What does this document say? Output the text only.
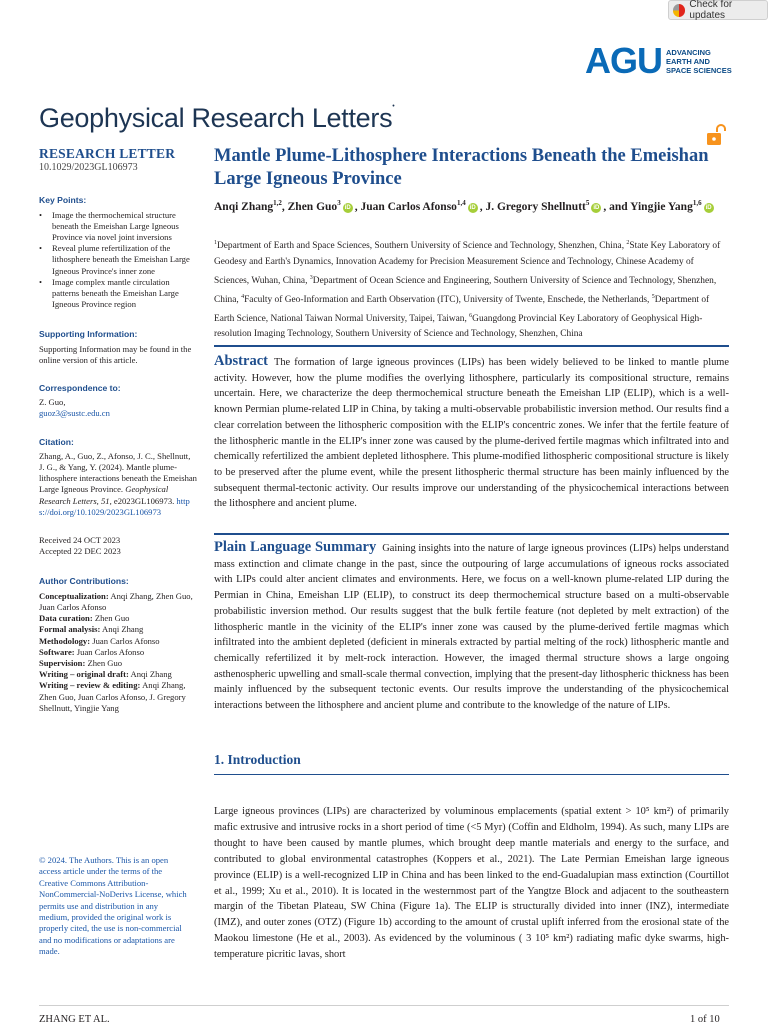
Check for updates
AGU ADVANCING
EARTH AND
SPACE SCIENCES
Geophysical Research Letters•
RESEARCH LETTER
10.1029/2023GL106973
Key Points:
• Image the thermochemical structure beneath the Emeishan Large Igneous Province via novel joint inversions
• Reveal plume refertilization of the lithosphere beneath the Emeishan Large Igneous Province's inner zone
• Image complex mantle circulation patterns beneath the Emeishan Large Igneous Province region
Supporting Information:
Supporting Information may be found in the online version of this article.
Correspondence to:
Z. Guo,
guoz3@sustc.edu.cn
Citation:
Zhang, A., Guo, Z., Afonso, J. C., Shellnutt, J. G., & Yang, Y. (2024). Mantle plume-lithosphere interactions beneath the Emeishan Large Igneous Province. Geophysical Research Letters, 51, e2023GL106973. https://doi.org/10.1029/2023GL106973
Received 24 OCT 2023
Accepted 22 DEC 2023
Author Contributions:
Conceptualization: Anqi Zhang, Zhen Guo, Juan Carlos Afonso
Data curation: Zhen Guo
Formal analysis: Anqi Zhang
Methodology: Juan Carlos Afonso
Software: Juan Carlos Afonso
Supervision: Zhen Guo
Writing – original draft: Anqi Zhang
Writing – review & editing: Anqi Zhang, Zhen Guo, Juan Carlos Afonso, J. Gregory Shellnutt, Yingjie Yang
© 2024. The Authors. This is an open access article under the terms of the Creative Commons Attribution-NonCommercial-NoDerivs License, which permits use and distribution in any medium, provided the original work is properly cited, the use is non-commercial and no modifications or adaptations are made.
Mantle Plume-Lithosphere Interactions Beneath the Emeishan Large Igneous Province
Anqi Zhang$^{1,2}$, Zhen Guo$^3$iD , Juan Carlos Afonso$^{1,4}$iD , J. Gregory Shellnutt$^5$iD , and Yingjie Yang$^{1,6}$iD
$^1$Department of Earth and Space Sciences, Southern University of Science and Technology, Shenzhen, China, $^2$State Key Laboratory of Geodesy and Earth's Dynamics, Innovation Academy for Precision Measurement Science and Technology, Chinese Academy of Sciences, Wuhan, China, $^3$Department of Ocean Science and Engineering, Southern University of Science and Technology, Shenzhen, China, $^4$Faculty of Geo-Information and Earth Observation (ITC), University of Twente, Enschede, the Netherlands, $^5$Department of Earth Science, National Taiwan Normal University, Taipei, Taiwan, $^6$Guangdong Provincial Key Laboratory of Geophysical High-resolution Imaging Technology, Southern University of Science and Technology, Shenzhen, China
Abstract The formation of large igneous provinces (LIPs) has been widely believed to be linked to mantle plume activity. However, how the plume modifies the overlying lithosphere, particularly its compositional structure, remains uncertain. Here, we characterize the deep thermochemical structure beneath the Emeishan LIP (ELIP), which is a well-known Permian plume-related LIP in China, by taking a multi-observable probabilistic inversion method. Our results find a clear correlation between the lithospheric composition with the ELIP's concentric zones. We infer that the fertile feature of the lithospheric mantle in the ELIP's inner zone was caused by the plume-derived fertile magmas which infiltrated into and chemically refertilized the ambient depleted lithosphere. This plume-modified lithospheric compositional structure is likely to be preserved after the plume event, while the present lithospheric thermal structure has been mainly influenced by the subsequent thermal-tectonic activity. Our results improve our understanding of the physicochemical interactions between the lithosphere and ancient plume.
Plain Language Summary Gaining insights into the nature of large igneous provinces (LIPs) helps understand mass extinction and climate change in the past, since the outpouring of large accumulations of igneous rocks associated with LIPs could alter ancient climates and environments. Here, we focus on a well-known plume-related LIP during the Permian in China, Emeishan LIP (ELIP), to construct its deep thermochemical structure based on a multi-observable probabilistic inversion method. Our results suggest that the bulk fertile feature (not depleted by melt extraction) of the lithospheric mantle in the vicinity of the ELIP's inner zone was caused by the plume-derived fertile magmas which infiltrated into the ambient depleted (deficient in minerals extracted by partial melting of the rock) lithospheric mantle and chemically refertilized it by melt-rock interaction. However, the imaged thermal structure shows a large ongoing asthenospheric upwelling and small-scale thermal convection, implying that the present-day lithospheric thickness has been mainly influenced by the subsequent tectonic events. Our results improve the understanding of the physicochemical interactions between the lithosphere and ancient plume and contribute to the knowledge of the nature of LIPs.
1. Introduction
Large igneous provinces (LIPs) are characterized by voluminous emplacements (spatial extent > 10⁵ km²) of primarily mafic extrusive and intrusive rocks in a short period of time (<5 Myr) (Coffin and Eldholm, 1994). As such, many LIPs are thought to have been caused by mantle plumes, which brought deep mantle materials and energy to the surface, and contributed to global environmental catastrophes (Koppers et al., 2021). The Late Permian Emeishan large igneous province (ELIP) is a well-recognized LIP in China and has been linked to the end-Guadalupian mass extinction (Courtillot et al., 1999; Xu et al., 2010). It is located in the westernmost part of the Yangtze Block and adjacent to the southeastern margin of the Tibetan Plateau, SW China (Figure 1a). The ELIP is structurally divided into inner (INZ), intermediate (IMZ), and outer zones (OTZ) (Figure 1b) according to the amount of crustal uplift inferred from the erosional state of the Maokou limestone (He et al., 2003). As evidenced by the voluminous ( 3 10⁵ km²) radiating mafic dyke swarms, high-temperature picritic lavas, short
ZHANG ET AL.	1 of 10
